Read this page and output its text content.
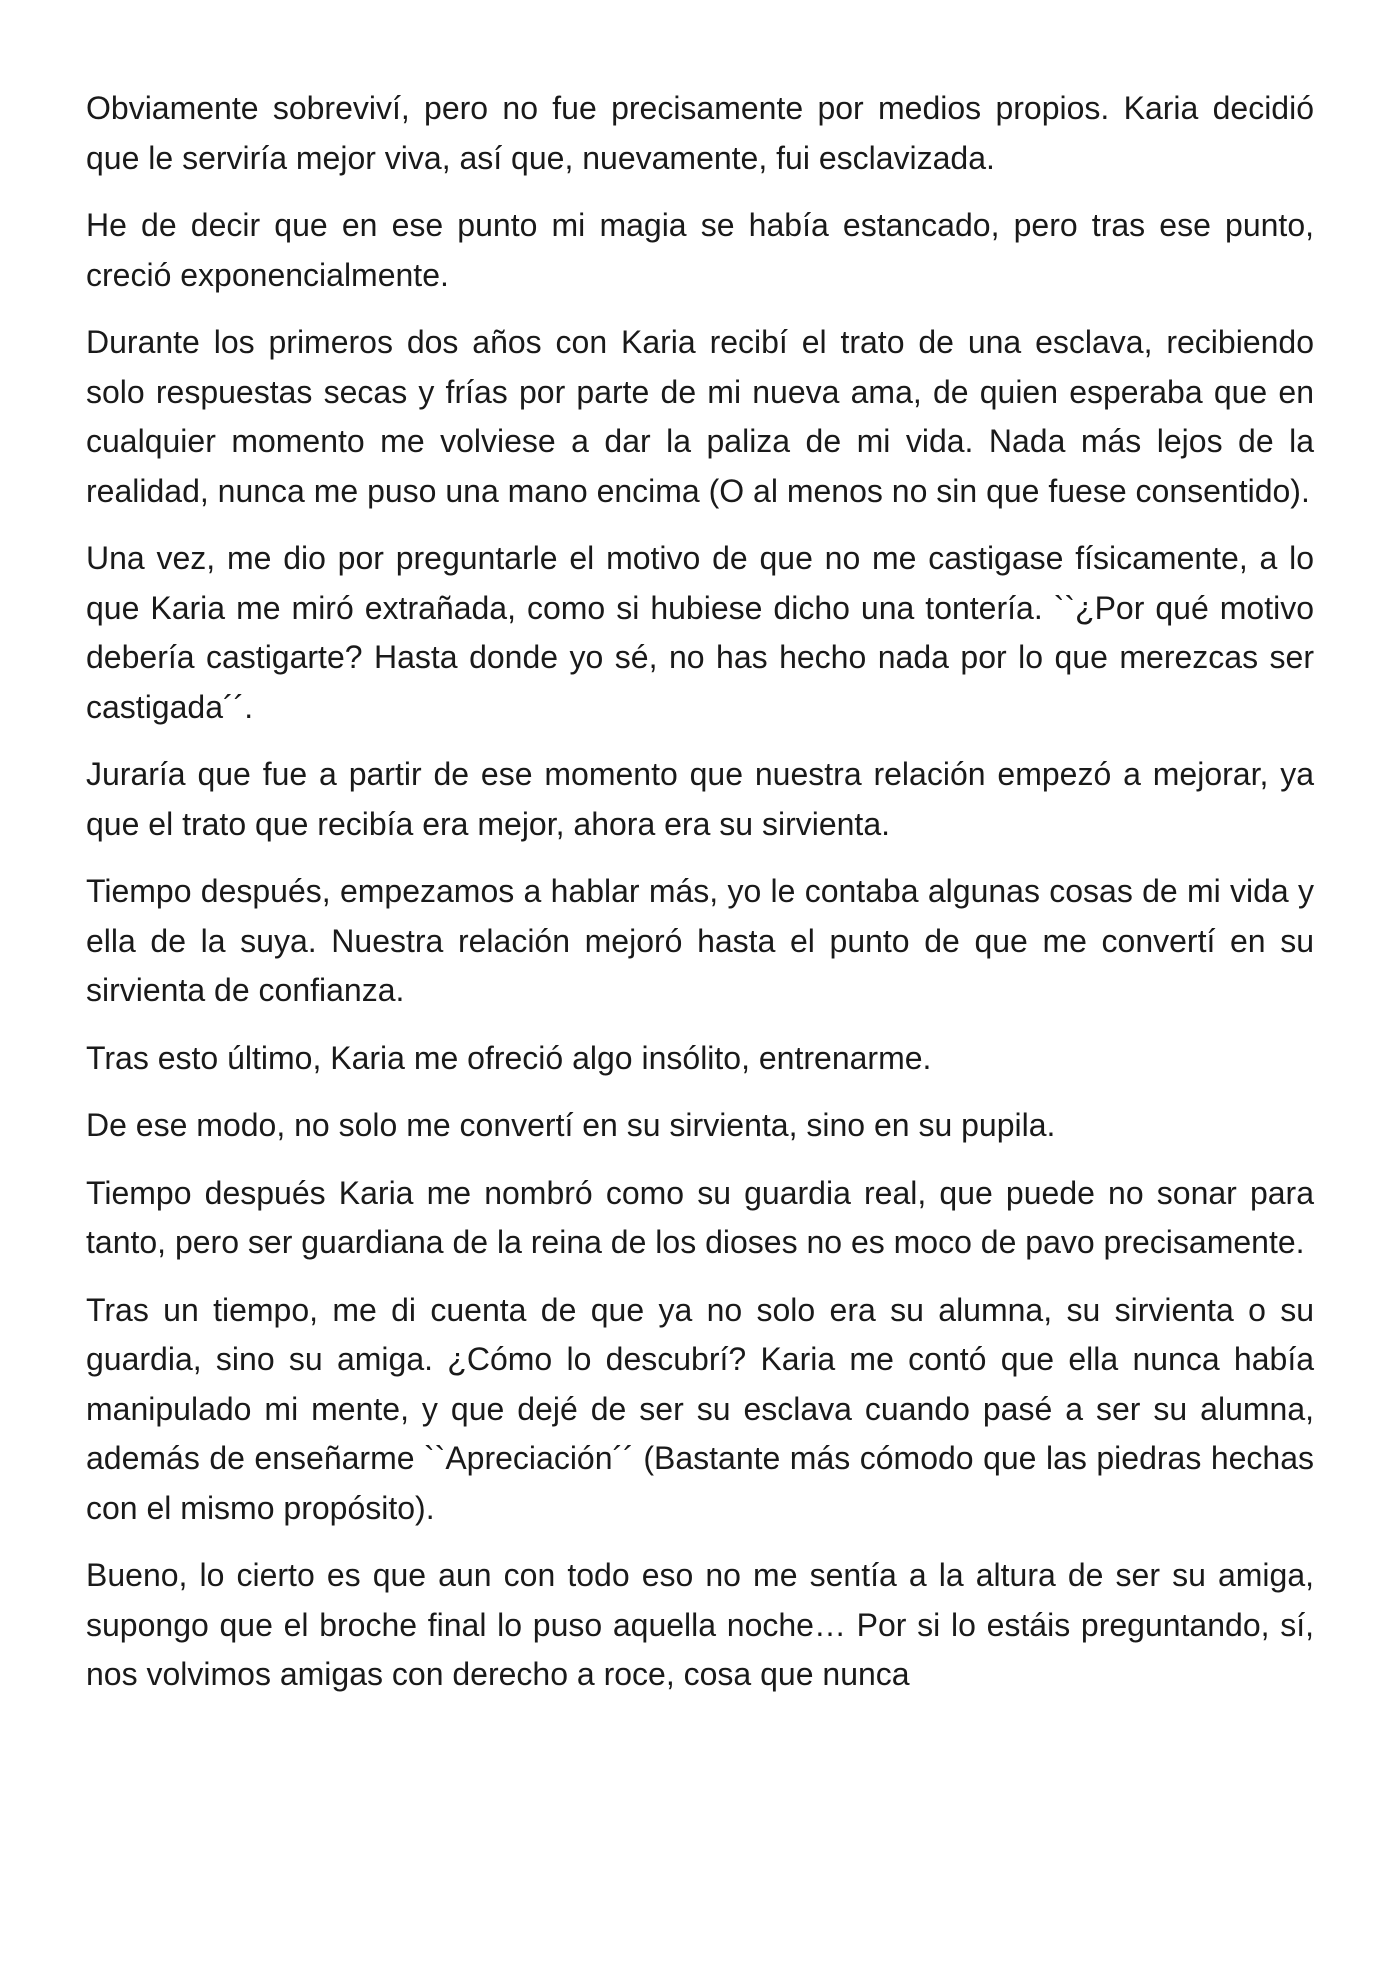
Obviamente sobreviví, pero no fue precisamente por medios propios. Karia decidió que le serviría mejor viva, así que, nuevamente, fui esclavizada.

He de decir que en ese punto mi magia se había estancado, pero tras ese punto, creció exponencialmente.

Durante los primeros dos años con Karia recibí el trato de una esclava, recibiendo solo respuestas secas y frías por parte de mi nueva ama, de quien esperaba que en cualquier momento me volviese a dar la paliza de mi vida. Nada más lejos de la realidad, nunca me puso una mano encima (O al menos no sin que fuese consentido).

Una vez, me dio por preguntarle el motivo de que no me castigase físicamente, a lo que Karia me miró extrañada, como si hubiese dicho una tontería. ``¿Por qué motivo debería castigarte? Hasta donde yo sé, no has hecho nada por lo que merezcas ser castigada´´.

Juraría que fue a partir de ese momento que nuestra relación empezó a mejorar, ya que el trato que recibía era mejor, ahora era su sirvienta.

Tiempo después, empezamos a hablar más, yo le contaba algunas cosas de mi vida y ella de la suya. Nuestra relación mejoró hasta el punto de que me convertí en su sirvienta de confianza.

Tras esto último, Karia me ofreció algo insólito, entrenarme.

De ese modo, no solo me convertí en su sirvienta, sino en su pupila.

Tiempo después Karia me nombró como su guardia real, que puede no sonar para tanto, pero ser guardiana de la reina de los dioses no es moco de pavo precisamente.

Tras un tiempo, me di cuenta de que ya no solo era su alumna, su sirvienta o su guardia, sino su amiga. ¿Cómo lo descubrí? Karia me contó que ella nunca había manipulado mi mente, y que dejé de ser su esclava cuando pasé a ser su alumna, además de enseñarme ``Apreciación´´ (Bastante más cómodo que las piedras hechas con el mismo propósito).

Bueno, lo cierto es que aun con todo eso no me sentía a la altura de ser su amiga, supongo que el broche final lo puso aquella noche… Por si lo estáis preguntando, sí, nos volvimos amigas con derecho a roce, cosa que nunca
